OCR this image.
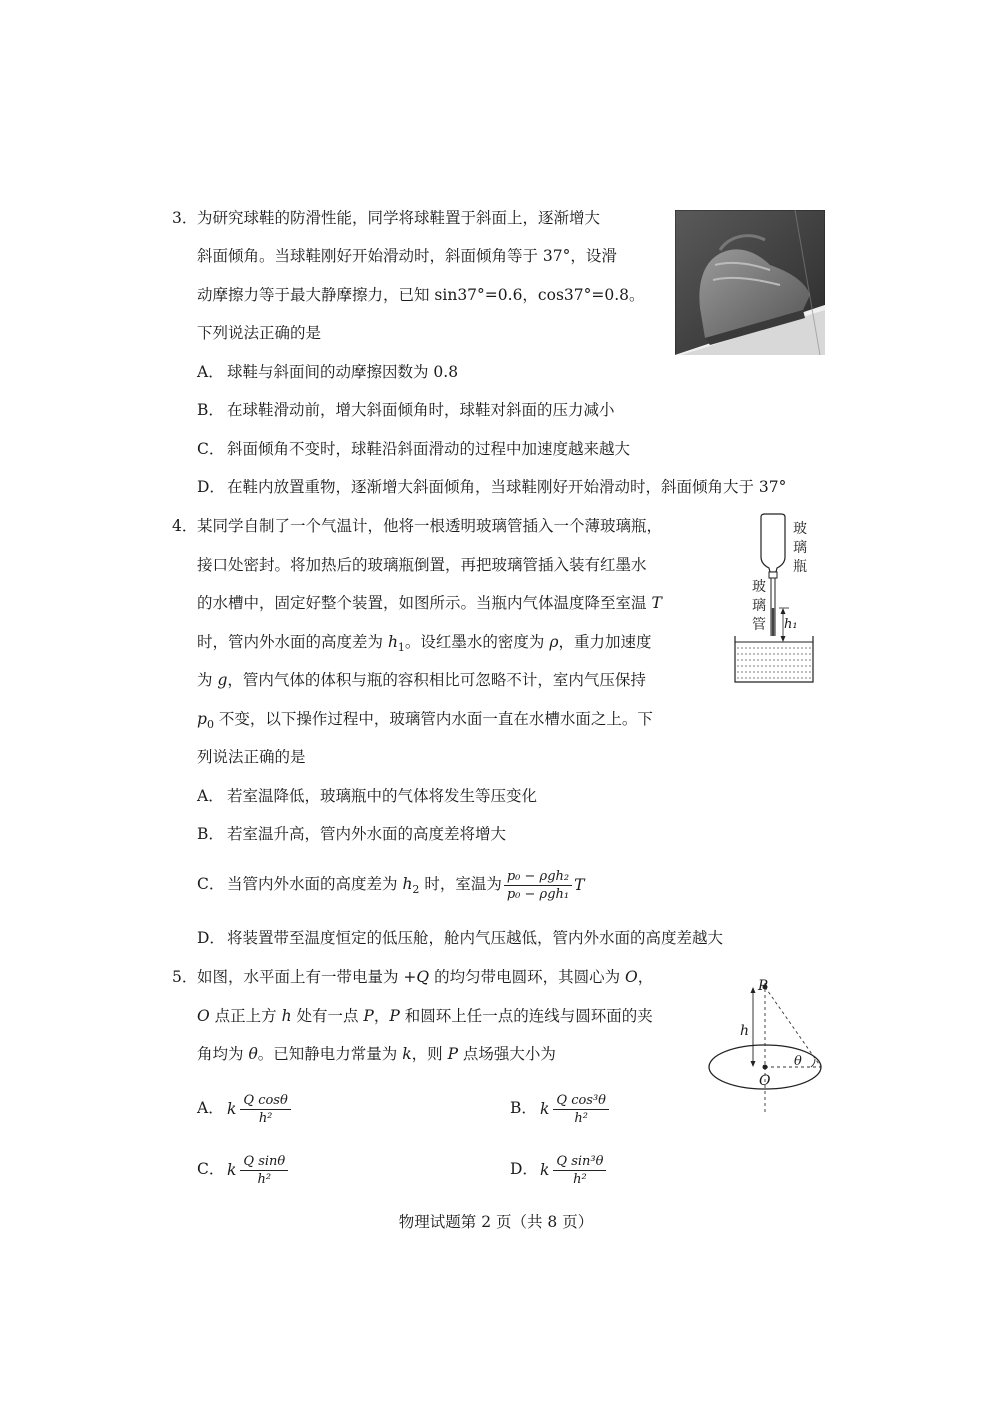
3． 为研究球鞋的防滑性能，同学将球鞋置于斜面上，逐渐增大
斜面倾角。当球鞋刚好开始滑动时，斜面倾角等于 37°，设滑
动摩擦力等于最大静摩擦力，已知 sin37°=0.6，cos37°=0.8。
下列说法正确的是
A． 球鞋与斜面间的动摩擦因数为 0.8
B． 在球鞋滑动前，增大斜面倾角时，球鞋对斜面的压力减小
C． 斜面倾角不变时，球鞋沿斜面滑动的过程中加速度越来越大
D． 在鞋内放置重物，逐渐增大斜面倾角，当球鞋刚好开始滑动时，斜面倾角大于 37°
4． 某同学自制了一个气温计，他将一根透明玻璃管插入一个薄玻璃瓶，
接口处密封。将加热后的玻璃瓶倒置，再把玻璃管插入装有红墨水
的水槽中，固定好整个装置，如图所示。当瓶内气体温度降至室温 T
时，管内外水面的高度差为 $h_1$。设红墨水的密度为 ρ，重力加速度
为 g，管内气体的体积与瓶的容积相比可忽略不计，室内气压保持
$p_0$ 不变，以下操作过程中，玻璃管内水面一直在水槽水面之上。下
列说法正确的是
A． 若室温降低，玻璃瓶中的气体将发生等压变化
B． 若室温升高，管内外水面的高度差将增大
C． 当管内外水面的高度差为 $h_2$ 时，室温为 $\frac{\text{p₀ − ρgh₂}}{\text{p₀ − ρgh₁}}$ T
D． 将装置带至温度恒定的低压舱，舱内气压越低，管内外水面的高度差越大
h₁
玻璃瓶
玻璃管
5． 如图，水平面上有一带电量为 +Q 的均匀带电圆环，其圆心为 O，
O 点正上方 h 处有一点 P，P 和圆环上任一点的连线与圆环面的夹
角均为 θ。已知静电力常量为 k，则 P 点场强大小为
A． k $\frac{\text{Q cosθ}}{\text{h²}}$	B． k $\frac{\text{Q cos³θ}}{\text{h²}}$
C． k $\frac{\text{Q sinθ}}{\text{h²}}$	D． k $\frac{\text{Q sin³θ}}{\text{h²}}$
P
h
O
θ
物理试题第 2 页（共 8 页）
